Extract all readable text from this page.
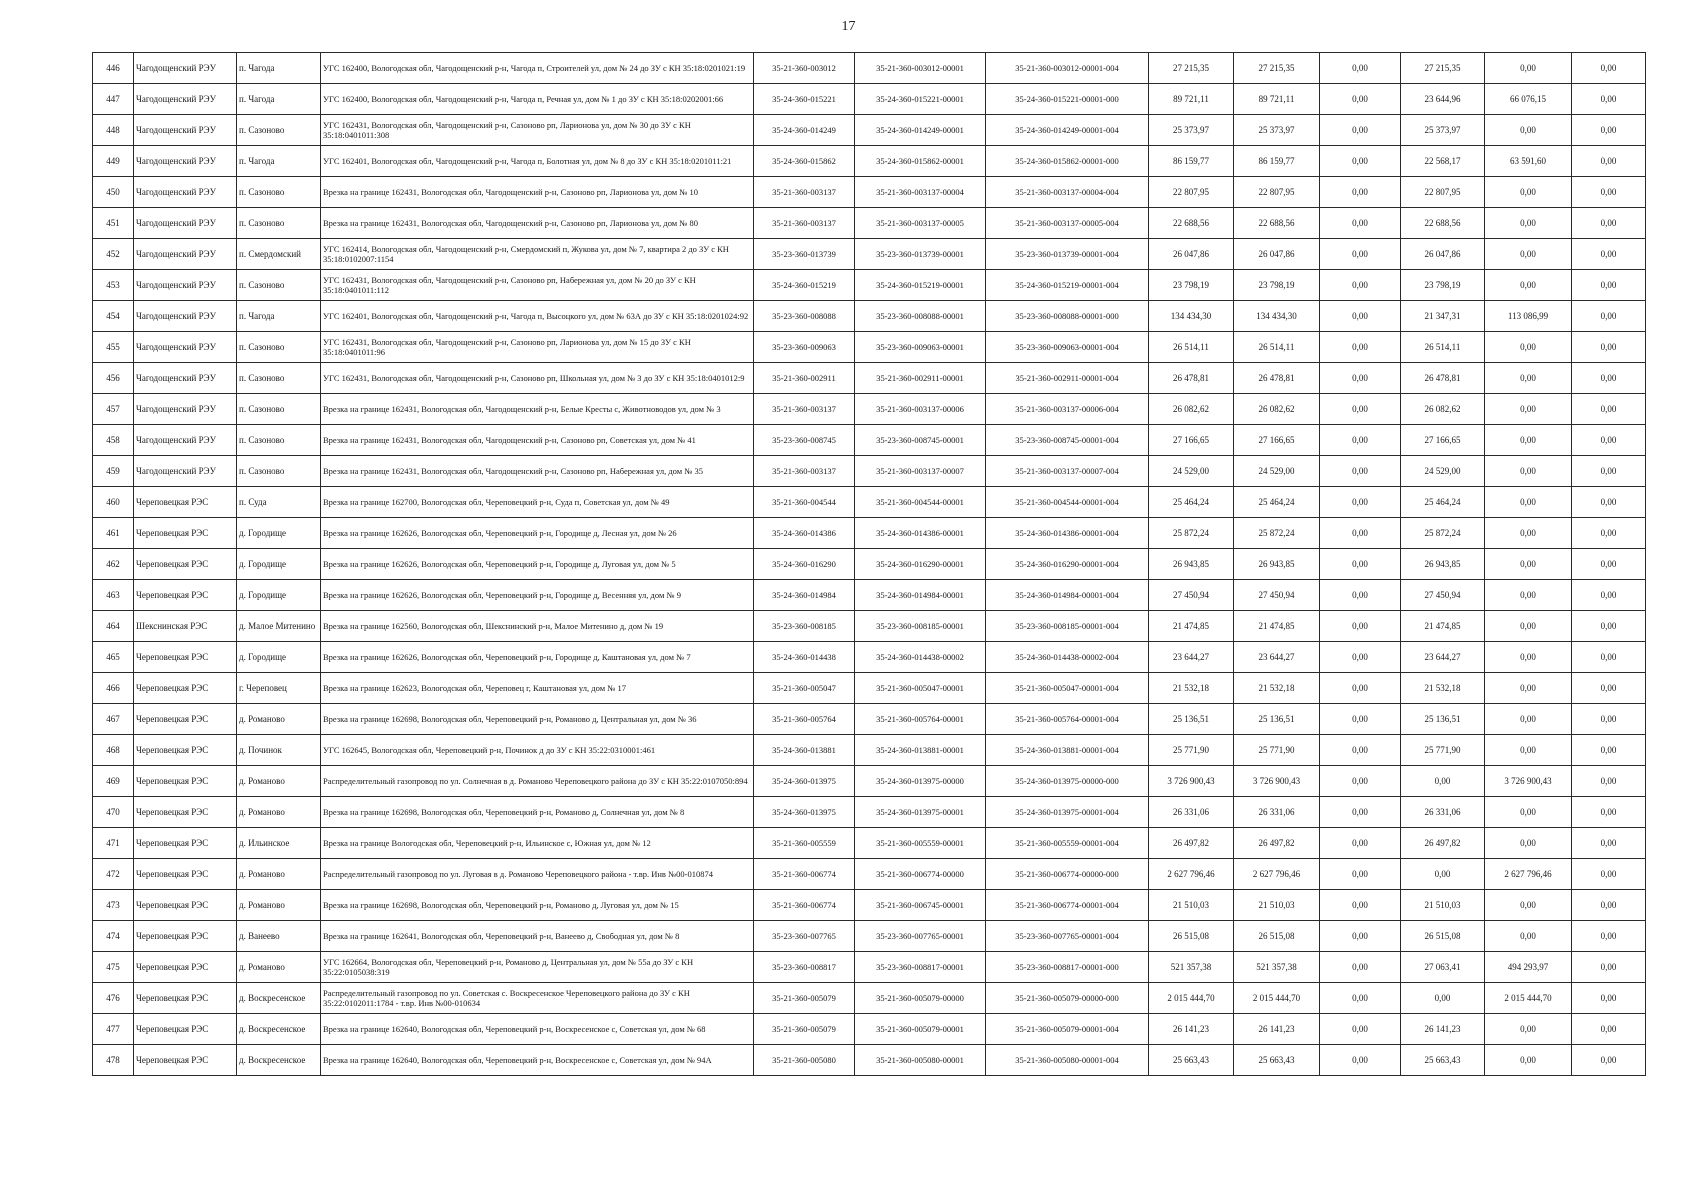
17
446	Чагодощенский РЭУ	п. Чагода	УГС 162400, Вологодская обл, Чагодощенский р-н, Чагода п, Строителей ул, дом № 24 до ЗУ с КН 35:18:0201021:19	35-21-360-003012	35-21-360-003012-00001	35-21-360-003012-00001-004	27 215,35	27 215,35	0,00	27 215,35	0,00	0,00
447	Чагодощенский РЭУ	п. Чагода	УГС 162400, Вологодская обл, Чагодощенский р-н, Чагода п, Речная ул, дом № 1 до ЗУ с КН 35:18:0202001:66	35-24-360-015221	35-24-360-015221-00001	35-24-360-015221-00001-000	89 721,11	89 721,11	0,00	23 644,96	66 076,15	0,00
448	Чагодощенский РЭУ	п. Сазоново	УГС 162431, Вологодская обл, Чагодощенский р-н, Сазоново рп, Ларионова ул, дом № 30 до ЗУ с КН 35:18:0401011:308	35-24-360-014249	35-24-360-014249-00001	35-24-360-014249-00001-004	25 373,97	25 373,97	0,00	25 373,97	0,00	0,00
449	Чагодощенский РЭУ	п. Чагода	УГС 162401, Вологодская обл, Чагодощенский р-н, Чагода п, Болотная ул, дом № 8 до ЗУ с КН 35:18:0201011:21	35-24-360-015862	35-24-360-015862-00001	35-24-360-015862-00001-000	86 159,77	86 159,77	0,00	22 568,17	63 591,60	0,00
450	Чагодощенский РЭУ	п. Сазоново	Врезка на границе 162431, Вологодская обл, Чагодощенский р-н, Сазоново рп, Ларионова ул, дом № 10	35-21-360-003137	35-21-360-003137-00004	35-21-360-003137-00004-004	22 807,95	22 807,95	0,00	22 807,95	0,00	0,00
451	Чагодощенский РЭУ	п. Сазоново	Врезка на границе 162431, Вологодская обл, Чагодощенский р-н, Сазоново рп, Ларионова ул, дом № 80	35-21-360-003137	35-21-360-003137-00005	35-21-360-003137-00005-004	22 688,56	22 688,56	0,00	22 688,56	0,00	0,00
452	Чагодощенский РЭУ	п. Смердомский	УГС 162414, Вологодская обл, Чагодощенский р-н, Смердомский п, Жукова ул, дом № 7, квартира 2 до ЗУ с КН 35:18:0102007:1154	35-23-360-013739	35-23-360-013739-00001	35-23-360-013739-00001-004	26 047,86	26 047,86	0,00	26 047,86	0,00	0,00
453	Чагодощенский РЭУ	п. Сазоново	УГС 162431, Вологодская обл, Чагодощенский р-н, Сазоново рп, Набережная ул, дом № 20 до ЗУ с КН 35:18:0401011:112	35-24-360-015219	35-24-360-015219-00001	35-24-360-015219-00001-004	23 798,19	23 798,19	0,00	23 798,19	0,00	0,00
454	Чагодощенский РЭУ	п. Чагода	УГС 162401, Вологодская обл, Чагодощенский р-н, Чагода п, Высоцкого ул, дом № 63А до ЗУ с КН 35:18:0201024:92	35-23-360-008088	35-23-360-008088-00001	35-23-360-008088-00001-000	134 434,30	134 434,30	0,00	21 347,31	113 086,99	0,00
455	Чагодощенский РЭУ	п. Сазоново	УГС 162431, Вологодская обл, Чагодощенский р-н, Сазоново рп, Ларионова ул, дом № 15 до ЗУ с КН 35:18:0401011:96	35-23-360-009063	35-23-360-009063-00001	35-23-360-009063-00001-004	26 514,11	26 514,11	0,00	26 514,11	0,00	0,00
456	Чагодощенский РЭУ	п. Сазоново	УГС 162431, Вологодская обл, Чагодощенский р-н, Сазоново рп, Школьная ул, дом № 3 до ЗУ с КН 35:18:0401012:9	35-21-360-002911	35-21-360-002911-00001	35-21-360-002911-00001-004	26 478,81	26 478,81	0,00	26 478,81	0,00	0,00
457	Чагодощенский РЭУ	п. Сазоново	Врезка на границе 162431, Вологодская обл, Чагодощенский р-н, Белые Кресты с, Животноводов ул, дом № 3	35-21-360-003137	35-21-360-003137-00006	35-21-360-003137-00006-004	26 082,62	26 082,62	0,00	26 082,62	0,00	0,00
458	Чагодощенский РЭУ	п. Сазоново	Врезка на границе 162431, Вологодская обл, Чагодощенский р-н, Сазоново рп, Советская ул, дом № 41	35-23-360-008745	35-23-360-008745-00001	35-23-360-008745-00001-004	27 166,65	27 166,65	0,00	27 166,65	0,00	0,00
459	Чагодощенский РЭУ	п. Сазоново	Врезка на границе 162431, Вологодская обл, Чагодощенский р-н, Сазоново рп, Набережная ул, дом № 35	35-21-360-003137	35-21-360-003137-00007	35-21-360-003137-00007-004	24 529,00	24 529,00	0,00	24 529,00	0,00	0,00
460	Череповецкая РЭС	п. Суда	Врезка на границе 162700, Вологодская обл, Череповецкий р-н, Суда п, Советская ул, дом № 49	35-21-360-004544	35-21-360-004544-00001	35-21-360-004544-00001-004	25 464,24	25 464,24	0,00	25 464,24	0,00	0,00
461	Череповецкая РЭС	д. Городище	Врезка на границе 162626, Вологодская обл, Череповецкий р-н, Городище д, Лесная ул, дом № 26	35-24-360-014386	35-24-360-014386-00001	35-24-360-014386-00001-004	25 872,24	25 872,24	0,00	25 872,24	0,00	0,00
462	Череповецкая РЭС	д. Городище	Врезка на границе 162626, Вологодская обл, Череповецкий р-н, Городище д, Луговая ул, дом № 5	35-24-360-016290	35-24-360-016290-00001	35-24-360-016290-00001-004	26 943,85	26 943,85	0,00	26 943,85	0,00	0,00
463	Череповецкая РЭС	д. Городище	Врезка на границе 162626, Вологодская обл, Череповецкий р-н, Городище д, Весенняя ул, дом № 9	35-24-360-014984	35-24-360-014984-00001	35-24-360-014984-00001-004	27 450,94	27 450,94	0,00	27 450,94	0,00	0,00
464	Шекснинская РЭС	д. Малое Митенино	Врезка на границе 162560, Вологодская обл, Шекснинский р-н, Малое Митенино д, дом № 19	35-23-360-008185	35-23-360-008185-00001	35-23-360-008185-00001-004	21 474,85	21 474,85	0,00	21 474,85	0,00	0,00
465	Череповецкая РЭС	д. Городище	Врезка на границе 162626, Вологодская обл, Череповецкий р-н, Городище д, Каштановая ул, дом № 7	35-24-360-014438	35-24-360-014438-00002	35-24-360-014438-00002-004	23 644,27	23 644,27	0,00	23 644,27	0,00	0,00
466	Череповецкая РЭС	г. Череповец	Врезка на границе 162623, Вологодская обл, Череповец г, Каштановая ул, дом № 17	35-21-360-005047	35-21-360-005047-00001	35-21-360-005047-00001-004	21 532,18	21 532,18	0,00	21 532,18	0,00	0,00
467	Череповецкая РЭС	д. Романово	Врезка на границе 162698, Вологодская обл, Череповецкий р-н, Романово д, Центральная ул, дом № 36	35-21-360-005764	35-21-360-005764-00001	35-21-360-005764-00001-004	25 136,51	25 136,51	0,00	25 136,51	0,00	0,00
468	Череповецкая РЭС	д. Починок	УГС 162645, Вологодская обл, Череповецкий р-н, Починок д до ЗУ с КН 35:22:0310001:461	35-24-360-013881	35-24-360-013881-00001	35-24-360-013881-00001-004	25 771,90	25 771,90	0,00	25 771,90	0,00	0,00
469	Череповецкая РЭС	д. Романово	Распределительный газопровод по ул. Солнечная в д. Романово Череповецкого района до ЗУ с КН 35:22:0107050:894	35-24-360-013975	35-24-360-013975-00000	35-24-360-013975-00000-000	3 726 900,43	3 726 900,43	0,00	0,00	3 726 900,43	0,00
470	Череповецкая РЭС	д. Романово	Врезка на границе 162698, Вологодская обл, Череповецкий р-н, Романово д, Солнечная ул, дом № 8	35-24-360-013975	35-24-360-013975-00001	35-24-360-013975-00001-004	26 331,06	26 331,06	0,00	26 331,06	0,00	0,00
471	Череповецкая РЭС	д. Ильинское	Врезка на границе Вологодская обл, Череповецкий р-н, Ильинское с, Южная ул, дом № 12	35-21-360-005559	35-21-360-005559-00001	35-21-360-005559-00001-004	26 497,82	26 497,82	0,00	26 497,82	0,00	0,00
472	Череповецкая РЭС	д. Романово	Распределительный газопровод по ул. Луговая в д. Романово Череповецкого района - т.вр. Инв №00-010874	35-21-360-006774	35-21-360-006774-00000	35-21-360-006774-00000-000	2 627 796,46	2 627 796,46	0,00	0,00	2 627 796,46	0,00
473	Череповецкая РЭС	д. Романово	Врезка на границе 162698, Вологодская обл, Череповецкий р-н, Романово д, Луговая ул, дом № 15	35-21-360-006774	35-21-360-006745-00001	35-21-360-006774-00001-004	21 510,03	21 510,03	0,00	21 510,03	0,00	0,00
474	Череповецкая РЭС	д. Ванеево	Врезка на границе 162641, Вологодская обл, Череповецкий р-н, Ванеево д, Свободная ул, дом № 8	35-23-360-007765	35-23-360-007765-00001	35-23-360-007765-00001-004	26 515,08	26 515,08	0,00	26 515,08	0,00	0,00
475	Череповецкая РЭС	д. Романово	УГС 162664, Вологодская обл, Череповецкий р-н, Романово д, Центральная ул, дом № 55а до ЗУ с КН 35:22:0105038:319	35-23-360-008817	35-23-360-008817-00001	35-23-360-008817-00001-000	521 357,38	521 357,38	0,00	27 063,41	494 293,97	0,00
476	Череповецкая РЭС	д. Воскресенское	Распределительный газопровод по ул. Советская с. Воскресенское Череповецкого района до ЗУ с КН 35:22:0102011:1784 - т.вр. Инв №00-010634	35-21-360-005079	35-21-360-005079-00000	35-21-360-005079-00000-000	2 015 444,70	2 015 444,70	0,00	0,00	2 015 444,70	0,00
477	Череповецкая РЭС	д. Воскресенское	Врезка на границе 162640, Вологодская обл, Череповецкий р-н, Воскресенское с, Советская ул, дом № 68	35-21-360-005079	35-21-360-005079-00001	35-21-360-005079-00001-004	26 141,23	26 141,23	0,00	26 141,23	0,00	0,00
478	Череповецкая РЭС	д. Воскресенское	Врезка на границе 162640, Вологодская обл, Череповецкий р-н, Воскресенское с, Советская ул, дом № 94А	35-21-360-005080	35-21-360-005080-00001	35-21-360-005080-00001-004	25 663,43	25 663,43	0,00	25 663,43	0,00	0,00
